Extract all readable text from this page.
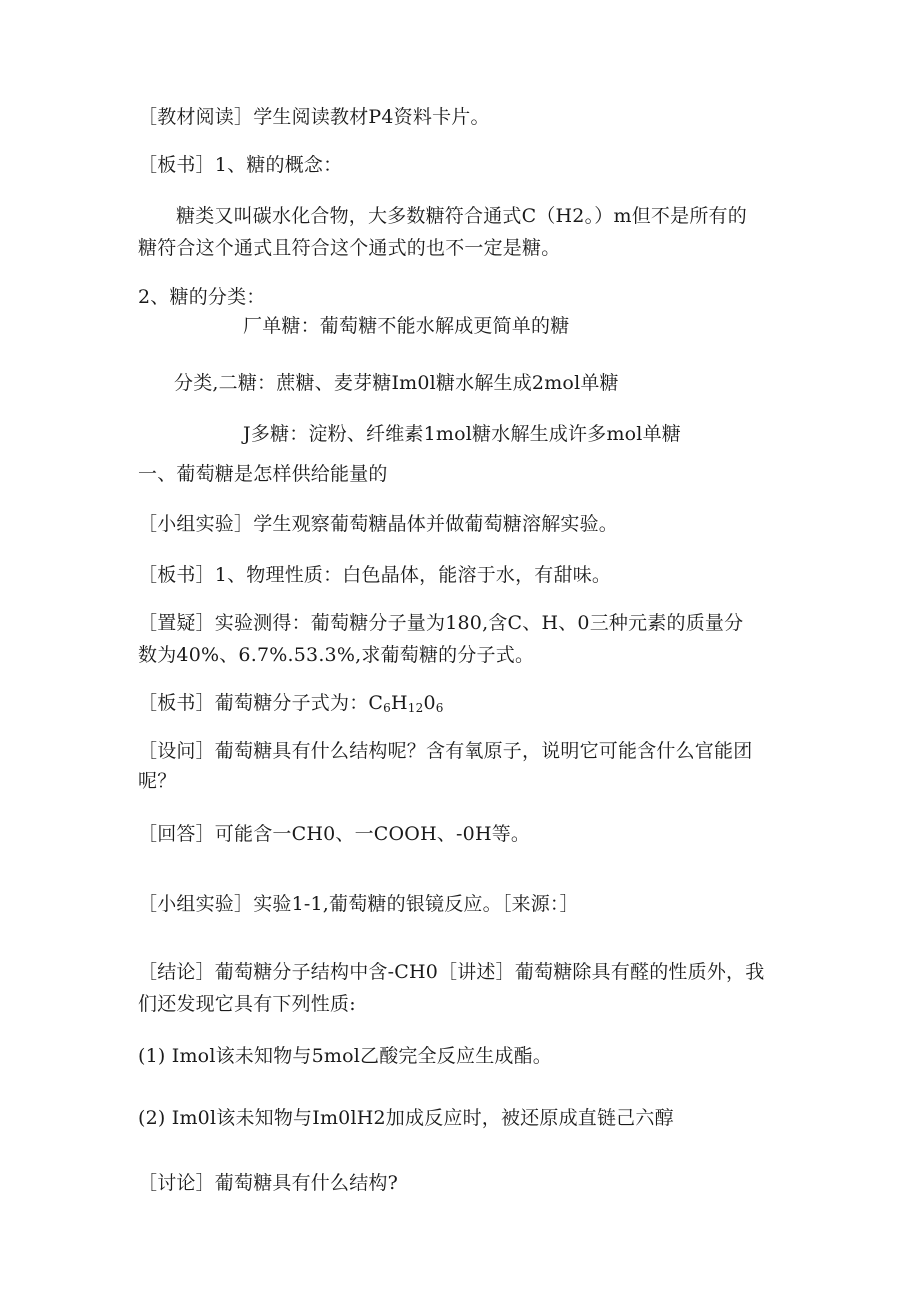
［教材阅读］学生阅读教材P4资料卡片。
［板书］1、糖的概念：
糖类又叫碳水化合物，大多数糖符合通式C（H2。）m但不是所有的
糖符合这个通式且符合这个通式的也不一定是糖。
2、糖的分类：
厂单糖：葡萄糖不能水解成更简单的糖
分类,二糖：蔗糖、麦芽糖Im0l糖水解生成2mol单糖
J多糖：淀粉、纤维素1mol糖水解生成许多mol单糖
一、葡萄糖是怎样供给能量的
［小组实验］学生观察葡萄糖晶体并做葡萄糖溶解实验。
［板书］1、物理性质：白色晶体，能溶于水，有甜味。
［置疑］实验测得：葡萄糖分子量为180,含C、H、0三种元素的质量分
数为40%、6.7%.53.3%,求葡萄糖的分子式。
［板书］葡萄糖分子式为：$C_6H_{12}0_6$
［设问］葡萄糖具有什么结构呢？含有氧原子，说明它可能含什么官能团
呢？
［回答］可能含一CH0、一COOH、-0H等。
［小组实验］实验1-1,葡萄糖的银镜反应。［来源：］
［结论］葡萄糖分子结构中含-CH0［讲述］葡萄糖除具有醛的性质外，我
们还发现它具有下列性质:
(1) Imol该未知物与5mol乙酸完全反应生成酯。
(2) Im0l该未知物与Im0lH2加成反应时，被还原成直链己六醇
［讨论］葡萄糖具有什么结构?
